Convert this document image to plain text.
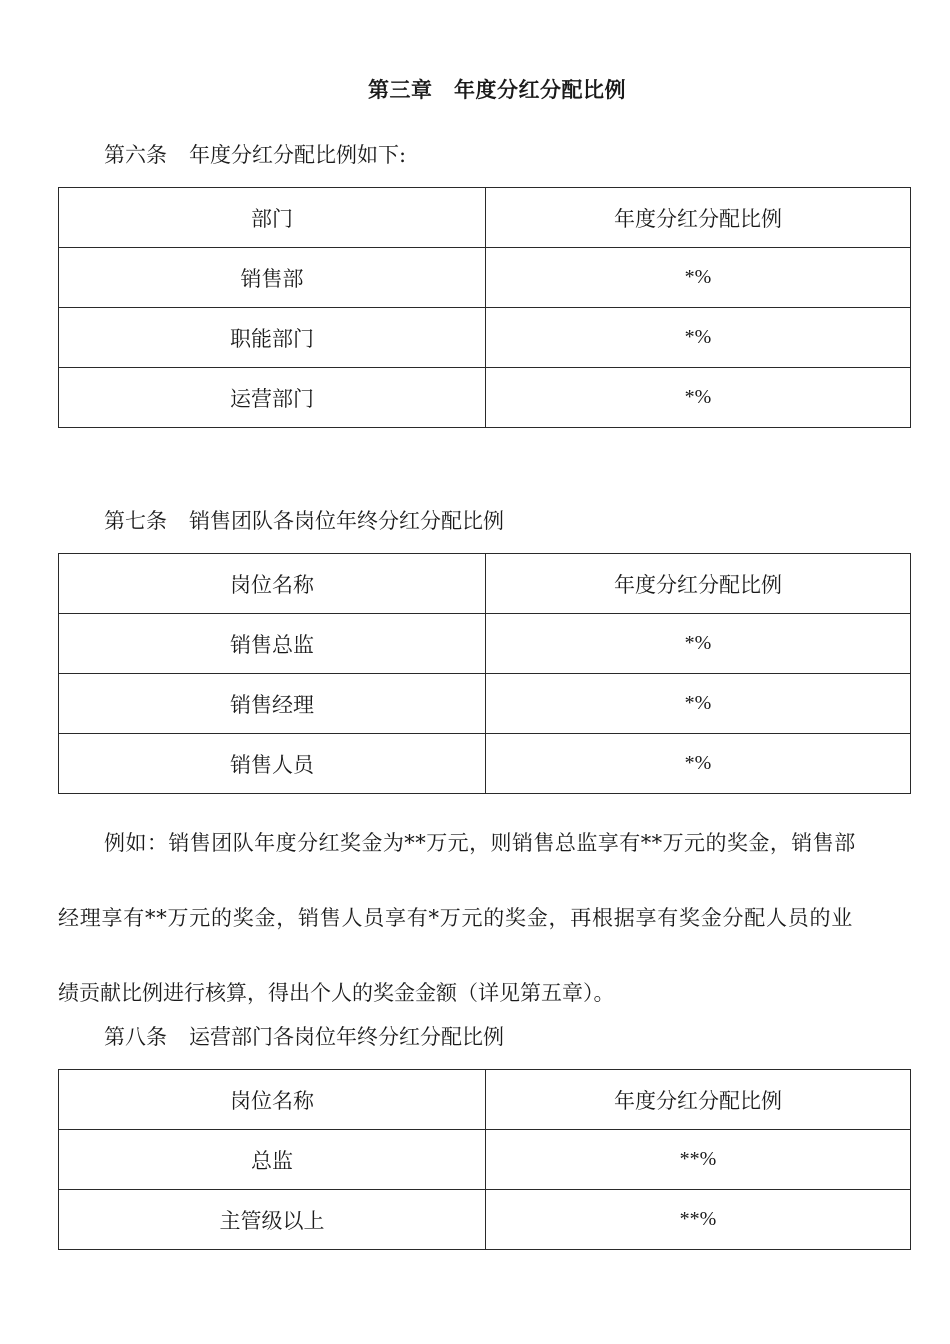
第三章　年度分红分配比例
第六条 年度分红分配比例如下:
部门	年度分红分配比例
销售部	*%
职能部门	*%
运营部门	*%
第七条 销售团队各岗位年终分红分配比例
岗位名称	年度分红分配比例
销售总监	*%
销售经理	*%
销售人员	*%

例如：销售团队年度分红奖金为**万元，则销售总监享有**万元的奖金，销售部
经理享有**万元的奖金，销售人员享有*万元的奖金，再根据享有奖金分配人员的业
绩贡献比例进行核算，得出个人的奖金金额（详见第五章）。

第八条 运营部门各岗位年终分红分配比例
岗位名称	年度分红分配比例
总监	**%
主管级以上	**%
